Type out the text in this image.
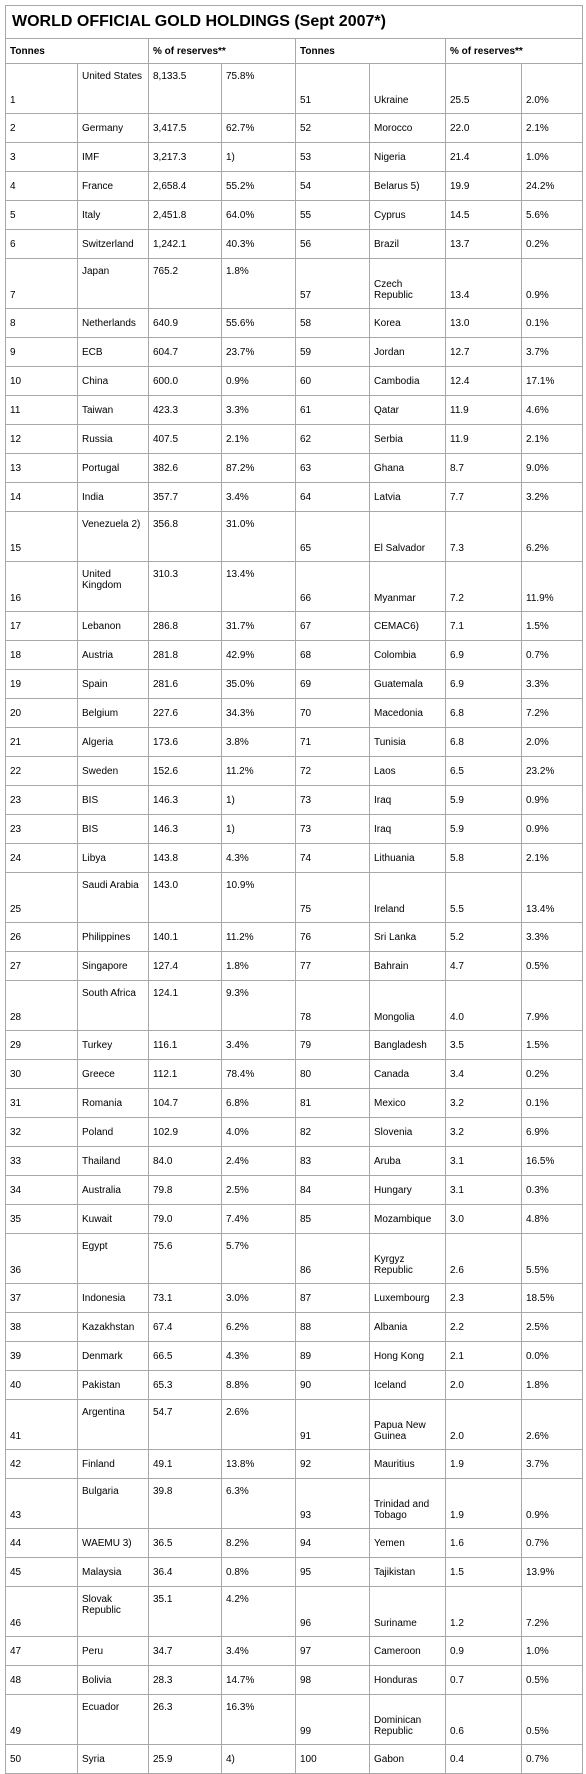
WORLD OFFICIAL GOLD HOLDINGS (Sept 2007*)							
Tonnes		% of reserves**		Tonnes		% of reserves**	
1	United States	8,133.5	75.8%	51	Ukraine	25.5	2.0%
2	Germany	3,417.5	62.7%	52	Morocco	22.0	2.1%
3	IMF	3,217.3	1)	53	Nigeria	21.4	1.0%
4	France	2,658.4	55.2%	54	Belarus 5)	19.9	24.2%
5	Italy	2,451.8	64.0%	55	Cyprus	14.5	5.6%
6	Switzerland	1,242.1	40.3%	56	Brazil	13.7	0.2%
7	Japan	765.2	1.8%	57	Czech Republic	13.4	0.9%
8	Netherlands	640.9	55.6%	58	Korea	13.0	0.1%
9	ECB	604.7	23.7%	59	Jordan	12.7	3.7%
10	China	600.0	0.9%	60	Cambodia	12.4	17.1%
11	Taiwan	423.3	3.3%	61	Qatar	11.9	4.6%
12	Russia	407.5	2.1%	62	Serbia	11.9	2.1%
13	Portugal	382.6	87.2%	63	Ghana	8.7	9.0%
14	India	357.7	3.4%	64	Latvia	7.7	3.2%
15	Venezuela 2)	356.8	31.0%	65	El Salvador	7.3	6.2%
16	United Kingdom	310.3	13.4%	66	Myanmar	7.2	11.9%
17	Lebanon	286.8	31.7%	67	CEMAC6)	7.1	1.5%
18	Austria	281.8	42.9%	68	Colombia	6.9	0.7%
19	Spain	281.6	35.0%	69	Guatemala	6.9	3.3%
20	Belgium	227.6	34.3%	70	Macedonia	6.8	7.2%
21	Algeria	173.6	3.8%	71	Tunisia	6.8	2.0%
22	Sweden	152.6	11.2%	72	Laos	6.5	23.2%
23	BIS	146.3	1)	73	Iraq	5.9	0.9%
23	BIS	146.3	1)	73	Iraq	5.9	0.9%
24	Libya	143.8	4.3%	74	Lithuania	5.8	2.1%
25	Saudi Arabia	143.0	10.9%	75	Ireland	5.5	13.4%
26	Philippines	140.1	11.2%	76	Sri Lanka	5.2	3.3%
27	Singapore	127.4	1.8%	77	Bahrain	4.7	0.5%
28	South Africa	124.1	9.3%	78	Mongolia	4.0	7.9%
29	Turkey	116.1	3.4%	79	Bangladesh	3.5	1.5%
30	Greece	112.1	78.4%	80	Canada	3.4	0.2%
31	Romania	104.7	6.8%	81	Mexico	3.2	0.1%
32	Poland	102.9	4.0%	82	Slovenia	3.2	6.9%
33	Thailand	84.0	2.4%	83	Aruba	3.1	16.5%
34	Australia	79.8	2.5%	84	Hungary	3.1	0.3%
35	Kuwait	79.0	7.4%	85	Mozambique	3.0	4.8%
36	Egypt	75.6	5.7%	86	Kyrgyz Republic	2.6	5.5%
37	Indonesia	73.1	3.0%	87	Luxembourg	2.3	18.5%
38	Kazakhstan	67.4	6.2%	88	Albania	2.2	2.5%
39	Denmark	66.5	4.3%	89	Hong Kong	2.1	0.0%
40	Pakistan	65.3	8.8%	90	Iceland	2.0	1.8%
41	Argentina	54.7	2.6%	91	Papua New Guinea	2.0	2.6%
42	Finland	49.1	13.8%	92	Mauritius	1.9	3.7%
43	Bulgaria	39.8	6.3%	93	Trinidad and Tobago	1.9	0.9%
44	WAEMU 3)	36.5	8.2%	94	Yemen	1.6	0.7%
45	Malaysia	36.4	0.8%	95	Tajikistan	1.5	13.9%
46	Slovak Republic	35.1	4.2%	96	Suriname	1.2	7.2%
47	Peru	34.7	3.4%	97	Cameroon	0.9	1.0%
48	Bolivia	28.3	14.7%	98	Honduras	0.7	0.5%
49	Ecuador	26.3	16.3%	99	Dominican Republic	0.6	0.5%
50	Syria	25.9	4)	100	Gabon	0.4	0.7%
